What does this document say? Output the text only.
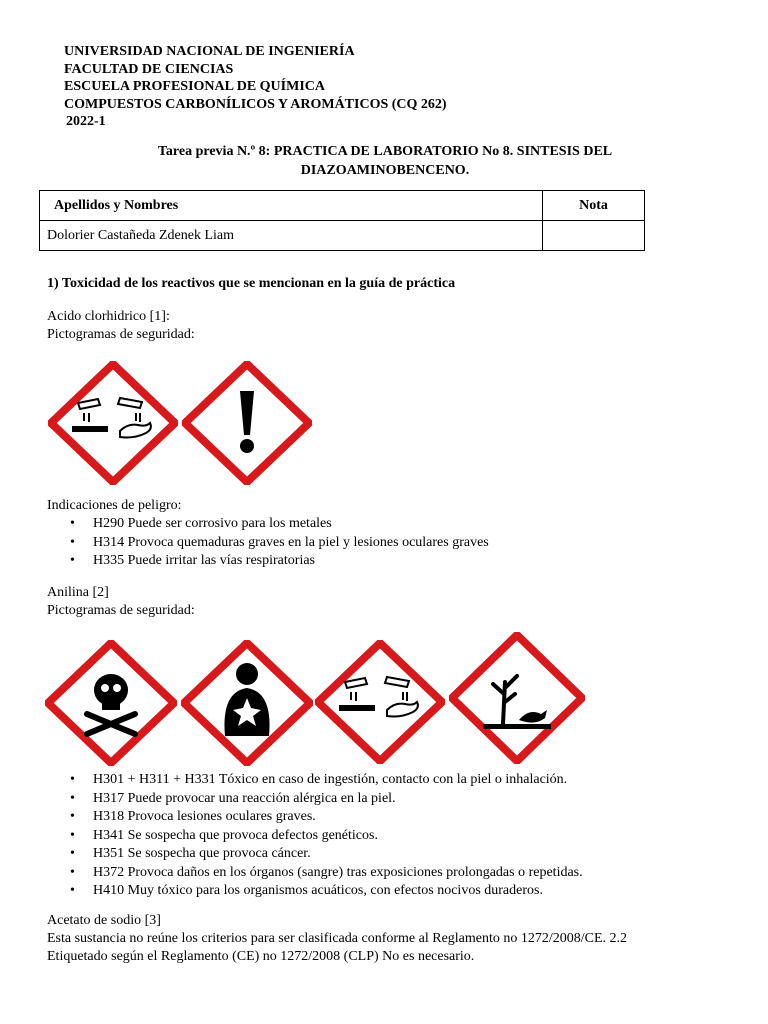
UNIVERSIDAD NACIONAL DE INGENIERÍA
FACULTAD DE CIENCIAS
ESCUELA PROFESIONAL DE QUÍMICA
COMPUESTOS CARBONÍLICOS Y AROMÁTICOS (CQ 262)
2022-1
Tarea previa N.º 8: PRACTICA DE LABORATORIO No 8. SINTESIS DEL
DIAZOAMINOBENCENO.
Apellidos y Nombres	Nota
Dolorier Castañeda Zdenek Liam	
1) Toxicidad de los reactivos que se mencionan en la guía de práctica
Acido clorhidrico [1]:
Pictogramas de seguridad:
Indicaciones de peligro:
• H290 Puede ser corrosivo para los metales
• H314 Provoca quemaduras graves en la piel y lesiones oculares graves
• H335 Puede irritar las vías respiratorias
Anilina [2]
Pictogramas de seguridad:
• H301 + H311 + H331 Tóxico en caso de ingestión, contacto con la piel o inhalación.
• H317 Puede provocar una reacción alérgica en la piel.
• H318 Provoca lesiones oculares graves.
• H341 Se sospecha que provoca defectos genéticos.
• H351 Se sospecha que provoca cáncer.
• H372 Provoca daños en los órganos (sangre) tras exposiciones prolongadas o repetidas.
• H410 Muy tóxico para los organismos acuáticos, con efectos nocivos duraderos.
Acetato de sodio [3]
Esta sustancia no reúne los criterios para ser clasificada conforme al Reglamento no 1272/2008/CE. 2.2
Etiquetado según el Reglamento (CE) no 1272/2008 (CLP) No es necesario.
